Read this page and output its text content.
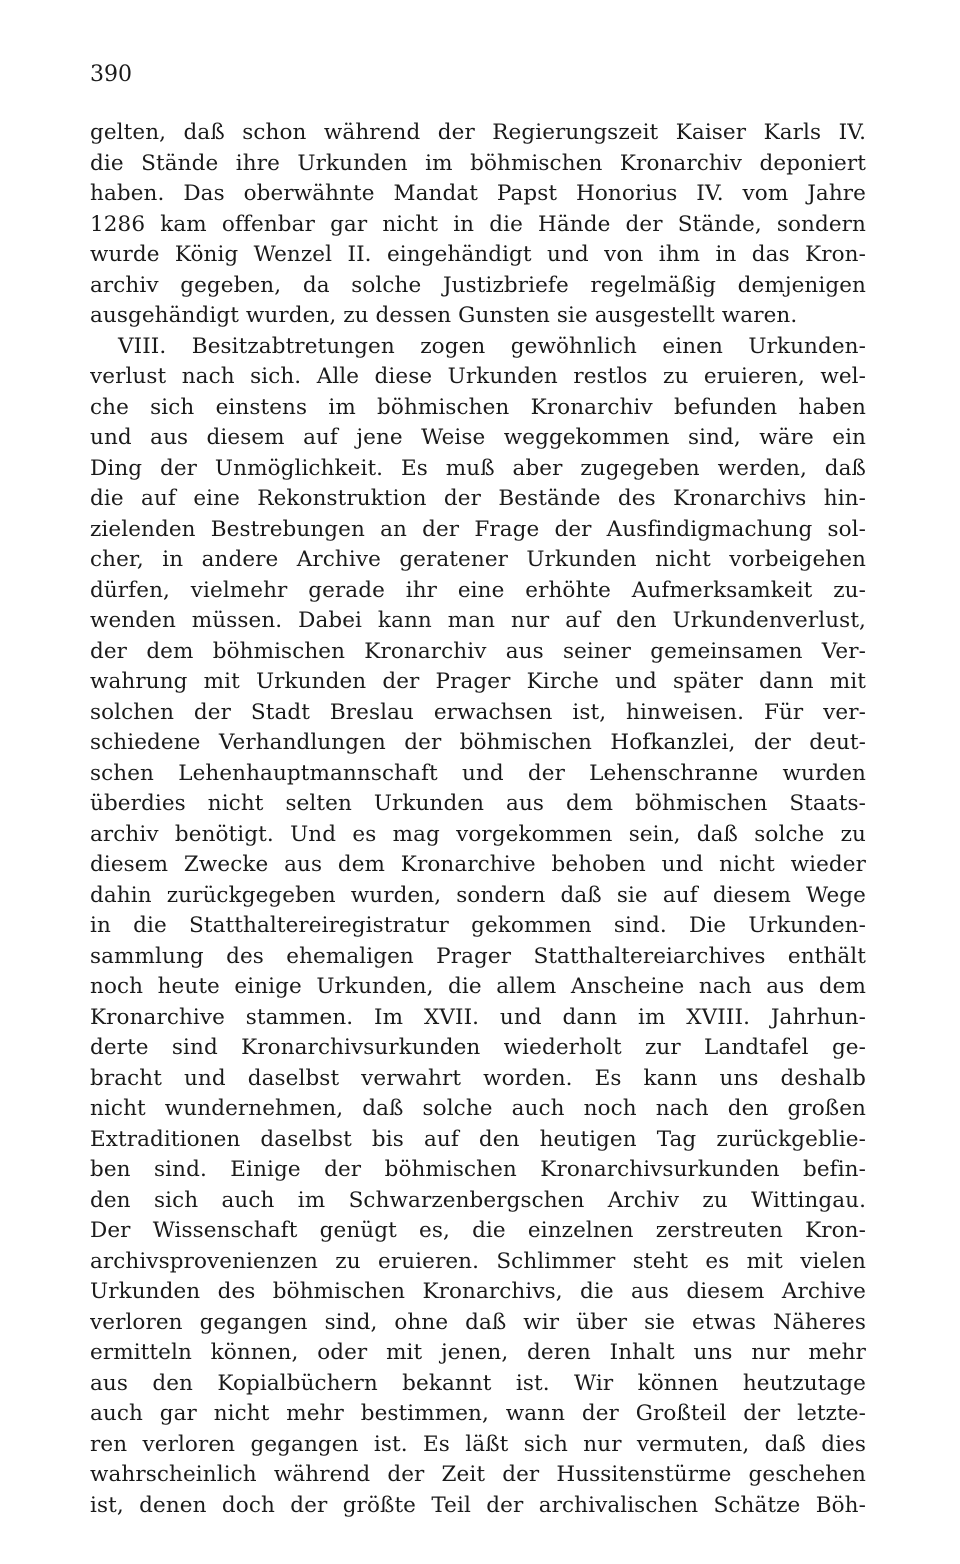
390
gelten, daß schon während der Regierungszeit Kaiser Karls IV.
die Stände ihre Urkunden im böhmischen Kronarchiv deponiert
haben. Das oberwähnte Mandat Papst Honorius IV. vom Jahre
1286 kam offenbar gar nicht in die Hände der Stände, sondern
wurde König Wenzel II. eingehändigt und von ihm in das Kron-
archiv gegeben, da solche Justizbriefe regelmäßig demjenigen
ausgehändigt wurden, zu dessen Gunsten sie ausgestellt waren.
VIII. Besitzabtretungen zogen gewöhnlich einen Urkunden-
verlust nach sich. Alle diese Urkunden restlos zu eruieren, wel-
che sich einstens im böhmischen Kronarchiv befunden haben
und aus diesem auf jene Weise weggekommen sind, wäre ein
Ding der Unmöglichkeit. Es muß aber zugegeben werden, daß
die auf eine Rekonstruktion der Bestände des Kronarchivs hin-
zielenden Bestrebungen an der Frage der Ausfindigmachung sol-
cher, in andere Archive geratener Urkunden nicht vorbeigehen
dürfen, vielmehr gerade ihr eine erhöhte Aufmerksamkeit zu-
wenden müssen. Dabei kann man nur auf den Urkundenverlust,
der dem böhmischen Kronarchiv aus seiner gemeinsamen Ver-
wahrung mit Urkunden der Prager Kirche und später dann mit
solchen der Stadt Breslau erwachsen ist, hinweisen. Für ver-
schiedene Verhandlungen der böhmischen Hofkanzlei, der deut-
schen Lehenhauptmannschaft und der Lehenschranne wurden
überdies nicht selten Urkunden aus dem böhmischen Staats-
archiv benötigt. Und es mag vorgekommen sein, daß solche zu
diesem Zwecke aus dem Kronarchive behoben und nicht wieder
dahin zurückgegeben wurden, sondern daß sie auf diesem Wege
in die Statthaltereiregistratur gekommen sind. Die Urkunden-
sammlung des ehemaligen Prager Statthaltereiarchives enthält
noch heute einige Urkunden, die allem Anscheine nach aus dem
Kronarchive stammen. Im XVII. und dann im XVIII. Jahrhun-
derte sind Kronarchivsurkunden wiederholt zur Landtafel ge-
bracht und daselbst verwahrt worden. Es kann uns deshalb
nicht wundernehmen, daß solche auch noch nach den großen
Extraditionen daselbst bis auf den heutigen Tag zurückgeblie-
ben sind. Einige der böhmischen Kronarchivsurkunden befin-
den sich auch im Schwarzenbergschen Archiv zu Wittingau.
Der Wissenschaft genügt es, die einzelnen zerstreuten Kron-
archivsprovenienzen zu eruieren. Schlimmer steht es mit vielen
Urkunden des böhmischen Kronarchivs, die aus diesem Archive
verloren gegangen sind, ohne daß wir über sie etwas Näheres
ermitteln können, oder mit jenen, deren Inhalt uns nur mehr
aus den Kopialbüchern bekannt ist. Wir können heutzutage
auch gar nicht mehr bestimmen, wann der Großteil der letzte-
ren verloren gegangen ist. Es läßt sich nur vermuten, daß dies
wahrscheinlich während der Zeit der Hussitenstürme geschehen
ist, denen doch der größte Teil der archivalischen Schätze Böh-
